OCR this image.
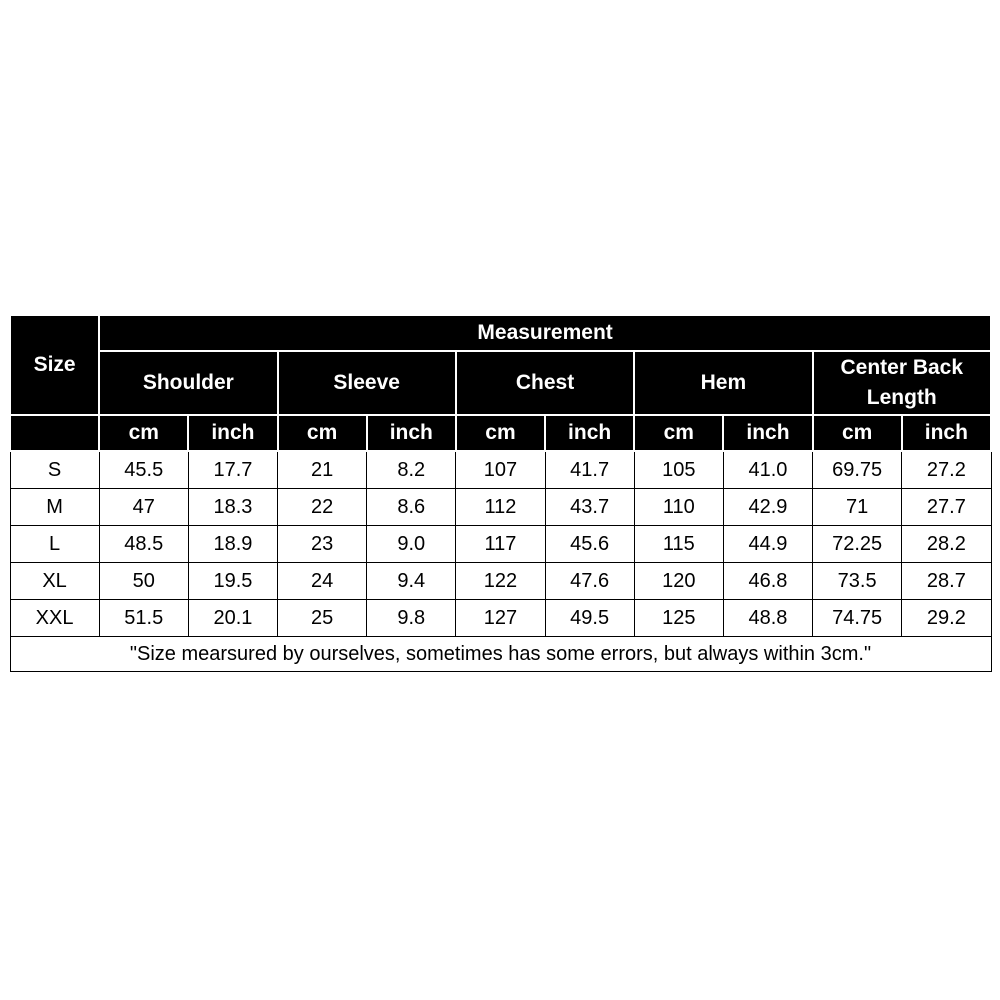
Size	Measurement									
	Shoulder		Sleeve		Chest		Hem		Center Back
Length	
	cm	inch	cm	inch	cm	inch	cm	inch	cm	inch
S	45.5	17.7	21	8.2	107	41.7	105	41.0	69.75	27.2
M	47	18.3	22	8.6	112	43.7	110	42.9	71	27.7
L	48.5	18.9	23	9.0	117	45.6	115	44.9	72.25	28.2
XL	50	19.5	24	9.4	122	47.6	120	46.8	73.5	28.7
XXL	51.5	20.1	25	9.8	127	49.5	125	48.8	74.75	29.2
"Size mearsured by ourselves, sometimes has some errors, but always within 3cm."										
